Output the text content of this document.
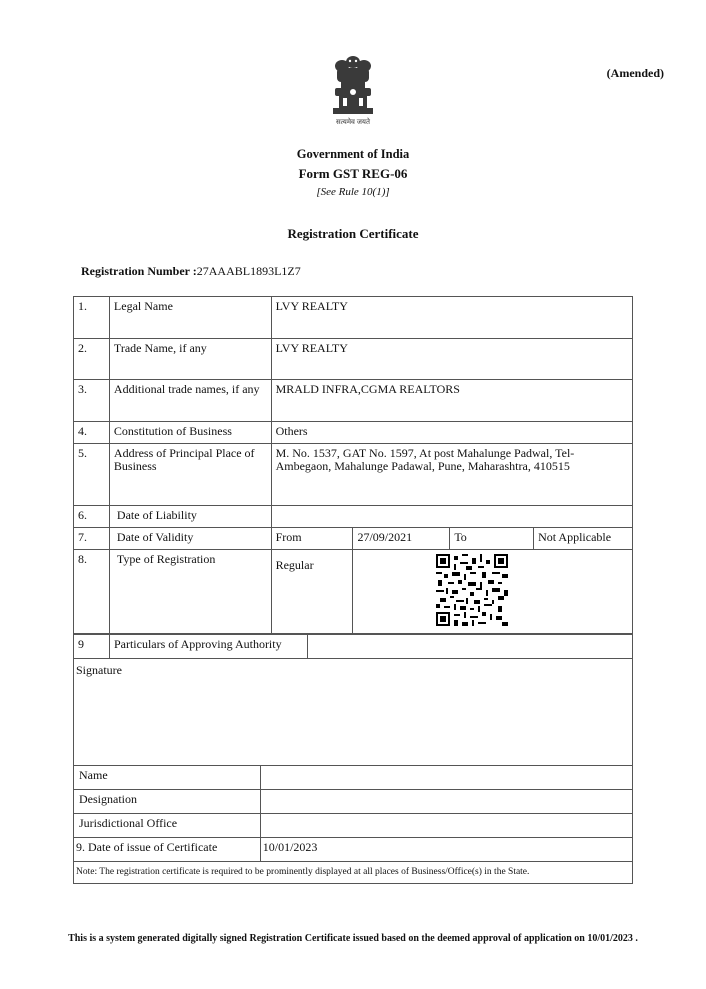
सत्यमेव जयते
(Amended)
Government of India
Form GST REG-06
[See Rule 10(1)]
Registration Certificate
Registration Number :27AAABL1893L1Z7
1.	Legal Name	LVY REALTY			
2.	Trade Name, if any	LVY REALTY			
3.	Additional trade names, if any	MRALD INFRA,CGMA REALTORS			
4.	Constitution of Business	Others			
5.	Address of Principal Place of Business	M. No. 1537, GAT No. 1597, At post Mahalunge Padwal, Tel-Ambegaon, Mahalunge Padawal, Pune, Maharashtra, 410515			
6.	Date of Liability				
7.	Date of Validity	From	27/09/2021	To	Not Applicable
8.	Type of Registration	Regular	
9	Particulars of Approving Authority	
Signature	
Name	
Designation	
Jurisdictional Office	
9. Date of issue of Certificate	10/01/2023
Note: The registration certificate is required to be prominently displayed at all places of Business/Office(s) in the State.	
This is a system generated digitally signed Registration Certificate issued based on the deemed approval of application on 10/01/2023 .
